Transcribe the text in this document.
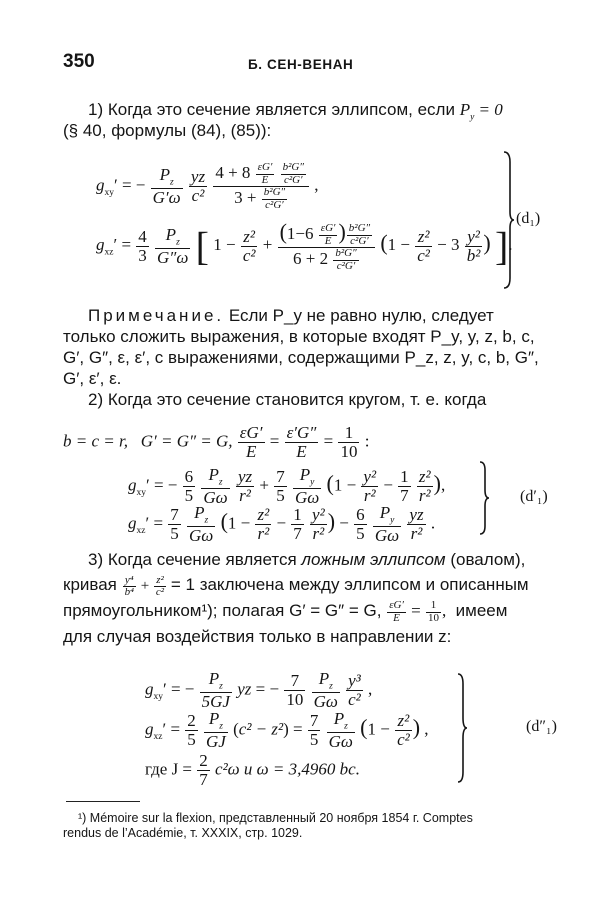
350	Б. СЕН-ВЕНАН
1) Когда это сечение является эллипсом, если $P_y = 0$
(§ 40, формулы (84), (85)):
$g_{xy}'$ = − $\frac{P_z}{G'\omega}$
$\frac{yz}{\text{c²}}$
$4 + 8 \frac{\varepsilon G'}{E}$
$\frac{\text{b²G″}}{\text{c²G′}}$
$3 + \frac{\text{b²G″}}{\text{c²G′}}$ ,
$g_{xz}' = \frac{4}{3}$
$\frac{P_z}{G''\omega}$ [ $1 - \frac{\text{z²}}{\text{c²}} + \frac{(1-6 \frac{\varepsilon G'}{E} ) \frac{\text{b²G″}}{\text{c²G′}}}{6 + 2 \frac{\text{b²G″}}{\text{c²G′}}} (1 - \frac{\text{z²}}{\text{c²}} - 3 \frac{\text{y²}}{\text{b²}}$ ) ].
(d₁)
Примечание. Если P_y не равно нулю, следует
только сложить выражения, в которые входят P_y, y, z, b, c,
G′, G″, ε, ε′, с выражениями, содержащими P_z, z, y, c, b, G″,
G′, ε′, ε.
2) Когда это сечение становится кругом, т. е. когда
b = c = r,   G′ = G″ = G, $\frac{\varepsilon G'}{E} = \frac{\varepsilon'G''}{E} = \frac{1}{10}$ :
$g_{xy}'$ = − $\frac{6}{5}$
$\frac{P_z}{G\omega}$
$\frac{yz}{\text{r²}} + \frac{7}{5}$
$\frac{P_y}{G\omega} (1 - \frac{\text{y²}}{\text{r²}} - \frac{1}{7}$
$\frac{\text{z²}}{\text{r²}}$ ),
$g_{xz}' = \frac{7}{5}$
$\frac{P_z}{G\omega} (1 - \frac{\text{z²}}{\text{r²}} - \frac{1}{7}$
$\frac{\text{y²}}{\text{r²}}$ ) − $\frac{6}{5}$
$\frac{P_y}{G\omega}$
$\frac{yz}{\text{r²}}$ .
(d′₁)
3) Когда сечение является ложным эллипсом (овалом),
кривая $\frac{\text{y⁴}}{\text{b⁴}} + \frac{\text{z²}}{\text{c²}} = 1$ заключена между эллипсом и описанным
прямоугольником¹); полагая G′ = G″ = G, $\frac{\varepsilon G'}{E} = \frac{1}{10}$ , имеем
для случая воздействия только в направлении z:
$g_{xy}'$ = − $\frac{P_z}{5GJ}$ yz = − $\frac{7}{10}$
$\frac{P_z}{G\omega}$
$\frac{\text{y³}}{\text{c²}}$ ,
$g_{xz}' = \frac{2}{5}$
$\frac{P_z}{GJ} (c^2 - z^2) = \frac{7}{5}$
$\frac{P_z}{G\omega} (1 - \frac{\text{z²}}{\text{c²}}$ ) ,
где $J = \frac{2}{7} c^2\omega$ и ω = 3,4960 bc.
(d″₁)
¹) Mémoire sur la flexion, представленный 20 ноября 1854 г. Comptes
rendus de l’Académie, т. XXXIX, стр. 1029.
